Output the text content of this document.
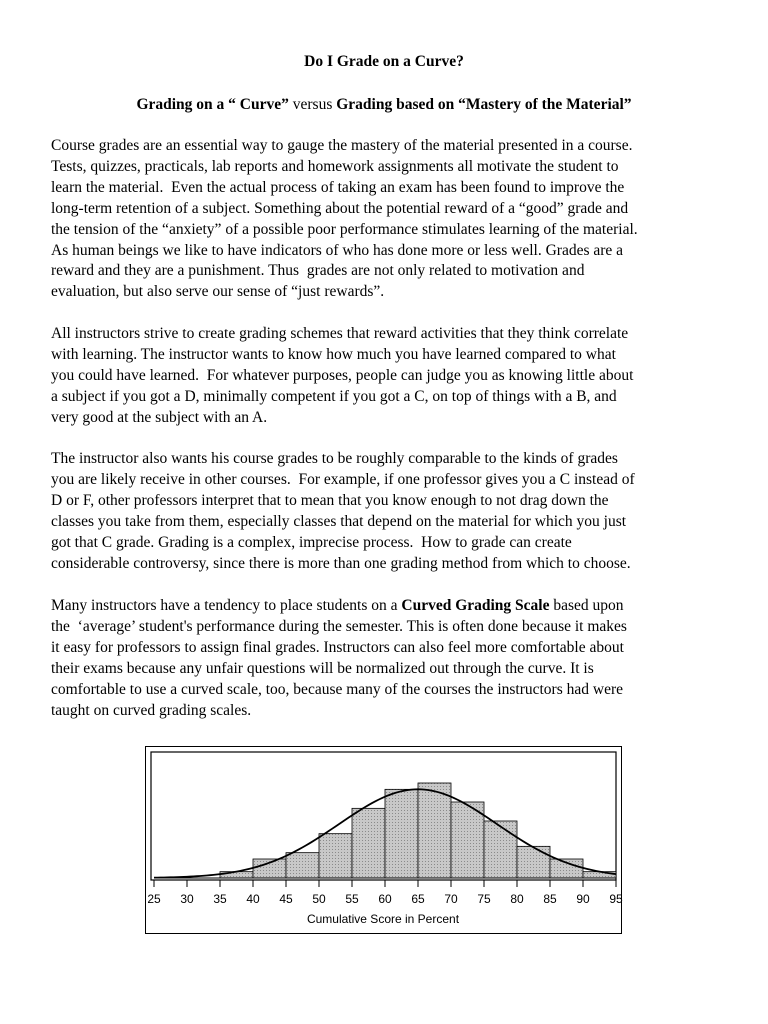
Do I Grade on a Curve?
Grading on a “ Curve” versus Grading based on “Mastery of the Material”
Course grades are an essential way to gauge the mastery of the material presented in a course.
Tests, quizzes, practicals, lab reports and homework assignments all motivate the student to
learn the material.  Even the actual process of taking an exam has been found to improve the
long-term retention of a subject. Something about the potential reward of a “good” grade and
the tension of the “anxiety” of a possible poor performance stimulates learning of the material.
As human beings we like to have indicators of who has done more or less well. Grades are a
reward and they are a punishment. Thus  grades are not only related to motivation and
evaluation, but also serve our sense of “just rewards”.
All instructors strive to create grading schemes that reward activities that they think correlate
with learning. The instructor wants to know how much you have learned compared to what
you could have learned.  For whatever purposes, people can judge you as knowing little about
a subject if you got a D, minimally competent if you got a C, on top of things with a B, and
very good at the subject with an A.
The instructor also wants his course grades to be roughly comparable to the kinds of grades
you are likely receive in other courses.  For example, if one professor gives you a C instead of
D or F, other professors interpret that to mean that you know enough to not drag down the
classes you take from them, especially classes that depend on the material for which you just
got that C grade. Grading is a complex, imprecise process.  How to grade can create
considerable controversy, since there is more than one grading method from which to choose.
Many instructors have a tendency to place students on a Curved Grading Scale based upon
the  ‘average’ student's performance during the semester. This is often done because it makes
it easy for professors to assign final grades. Instructors can also feel more comfortable about
their exams because any unfair questions will be normalized out through the curve. It is
comfortable to use a curved scale, too, because many of the courses the instructors had were
taught on curved grading scales.
25 30 35 40 45 50 55 60 65 70 75 80 85 90 95
Cumulative Score in Percent
